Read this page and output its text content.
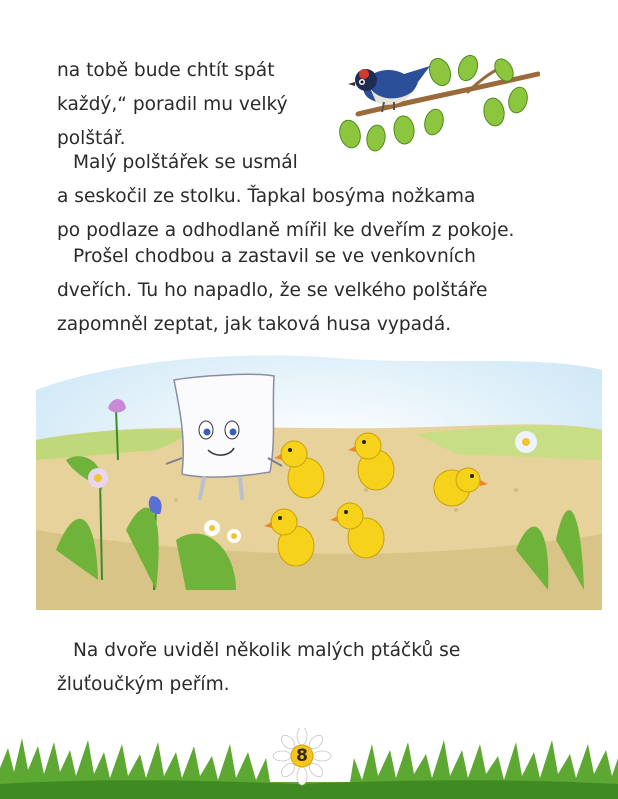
na tobě bude chtít spát
každý,“ poradil mu velký
polštář.

Malý polštářek se usmál
a seskočil ze stolku. Ťapkal bosýma nožkama
po podlaze a odhodlaně mířil ke dveřím z pokoje.

Prošel chodbou a zastavil se ve venkovních
dveřích. Tu ho napadlo, že se velkého polštáře
zapomněl zeptat, jak taková husa vypadá.

Na dvoře uviděl několik malých ptáčků se
žluťoučkým peřím.

8
